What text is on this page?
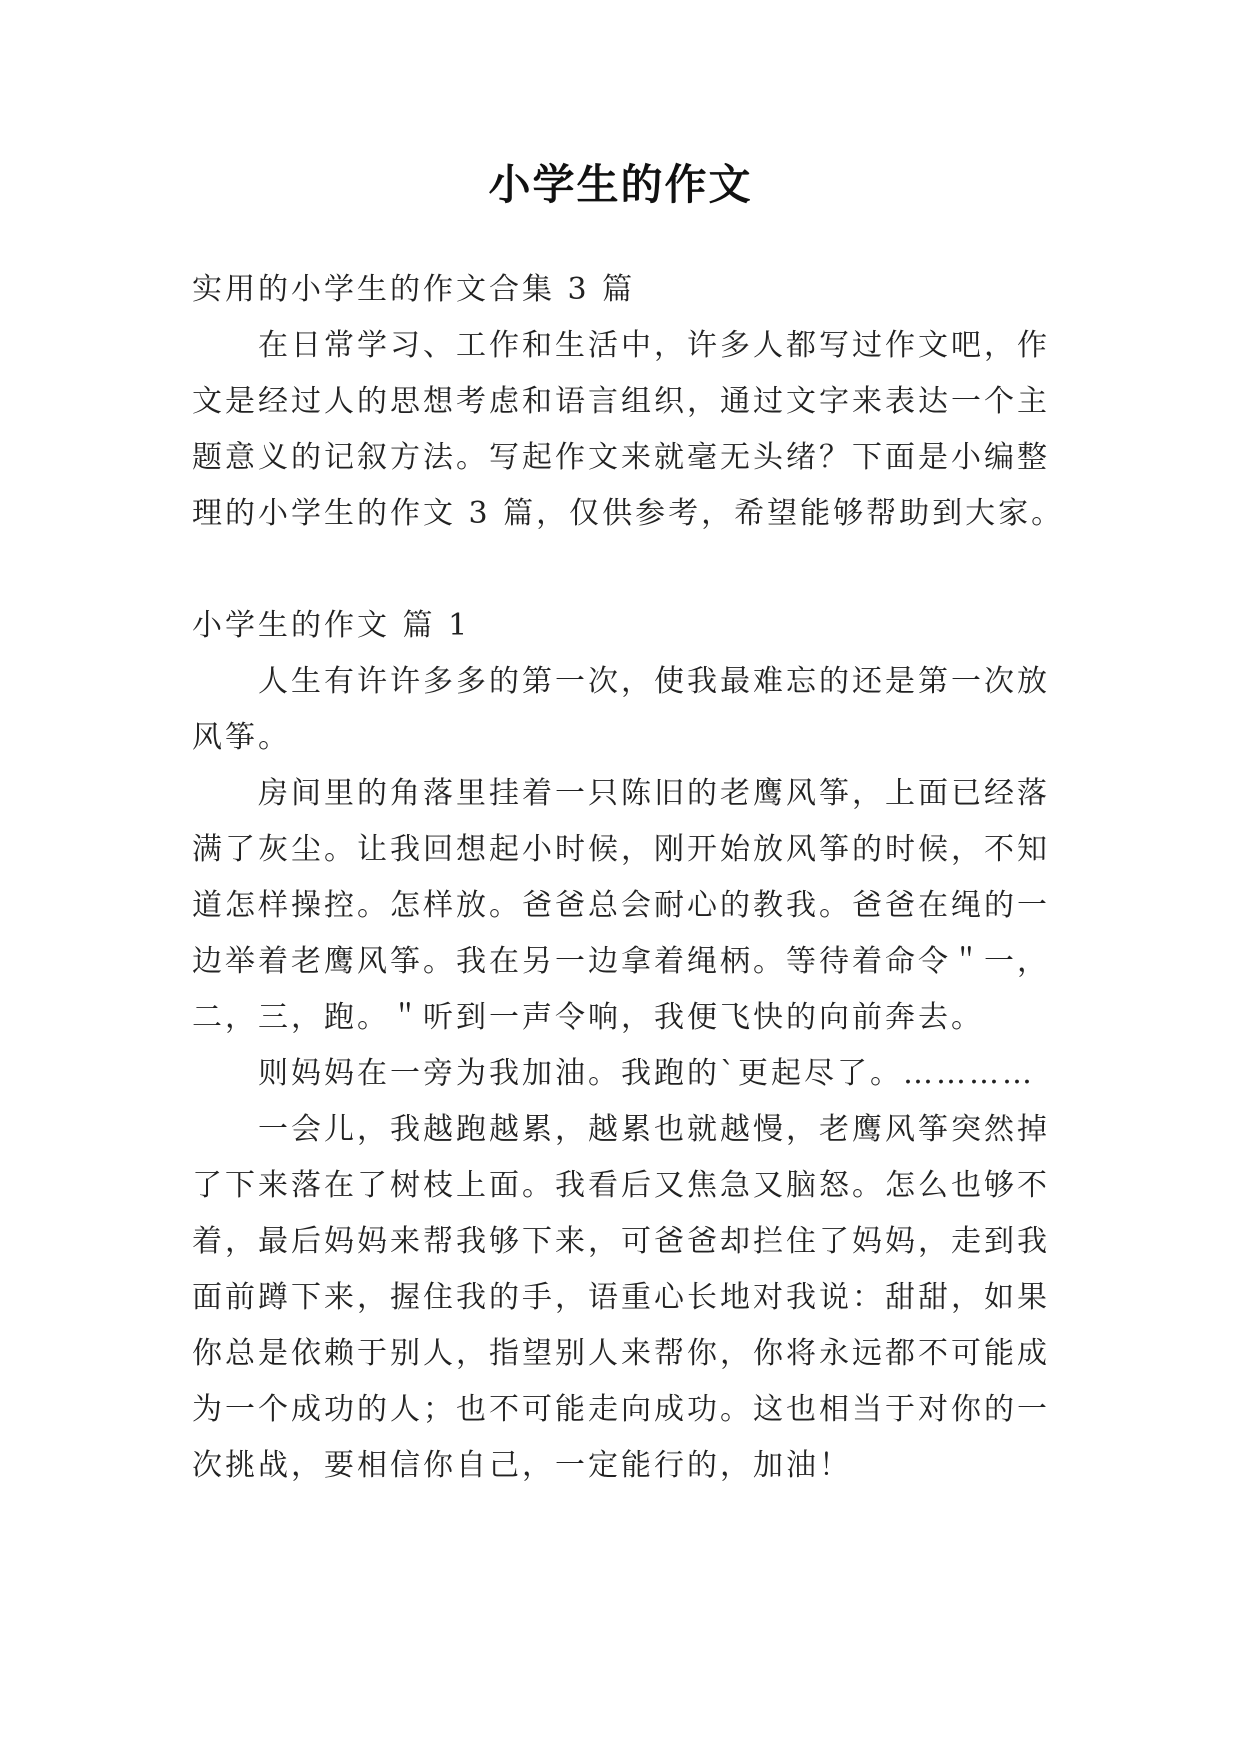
小学生的作文
实用的小学生的作文合集 3 篇
在日常学习、工作和生活中，许多人都写过作文吧，作
文是经过人的思想考虑和语言组织，通过文字来表达一个主
题意义的记叙方法。写起作文来就毫无头绪？下面是小编整
理的小学生的作文 3 篇，仅供参考，希望能够帮助到大家。
小学生的作文 篇 1
人生有许许多多的第一次，使我最难忘的还是第一次放
风筝。
房间里的角落里挂着一只陈旧的老鹰风筝，上面已经落
满了灰尘。让我回想起小时候，刚开始放风筝的时候，不知
道怎样操控。怎样放。爸爸总会耐心的教我。爸爸在绳的一
边举着老鹰风筝。我在另一边拿着绳柄。等待着命令＂一，
二，三，跑。＂听到一声令响，我便飞快的向前奔去。
则妈妈在一旁为我加油。我跑的`更起尽了。…………
一会儿，我越跑越累，越累也就越慢，老鹰风筝突然掉
了下来落在了树枝上面。我看后又焦急又脑怒。怎么也够不
着，最后妈妈来帮我够下来，可爸爸却拦住了妈妈，走到我
面前蹲下来，握住我的手，语重心长地对我说：甜甜，如果
你总是依赖于别人，指望别人来帮你，你将永远都不可能成
为一个成功的人；也不可能走向成功。这也相当于对你的一
次挑战，要相信你自己，一定能行的，加油！
